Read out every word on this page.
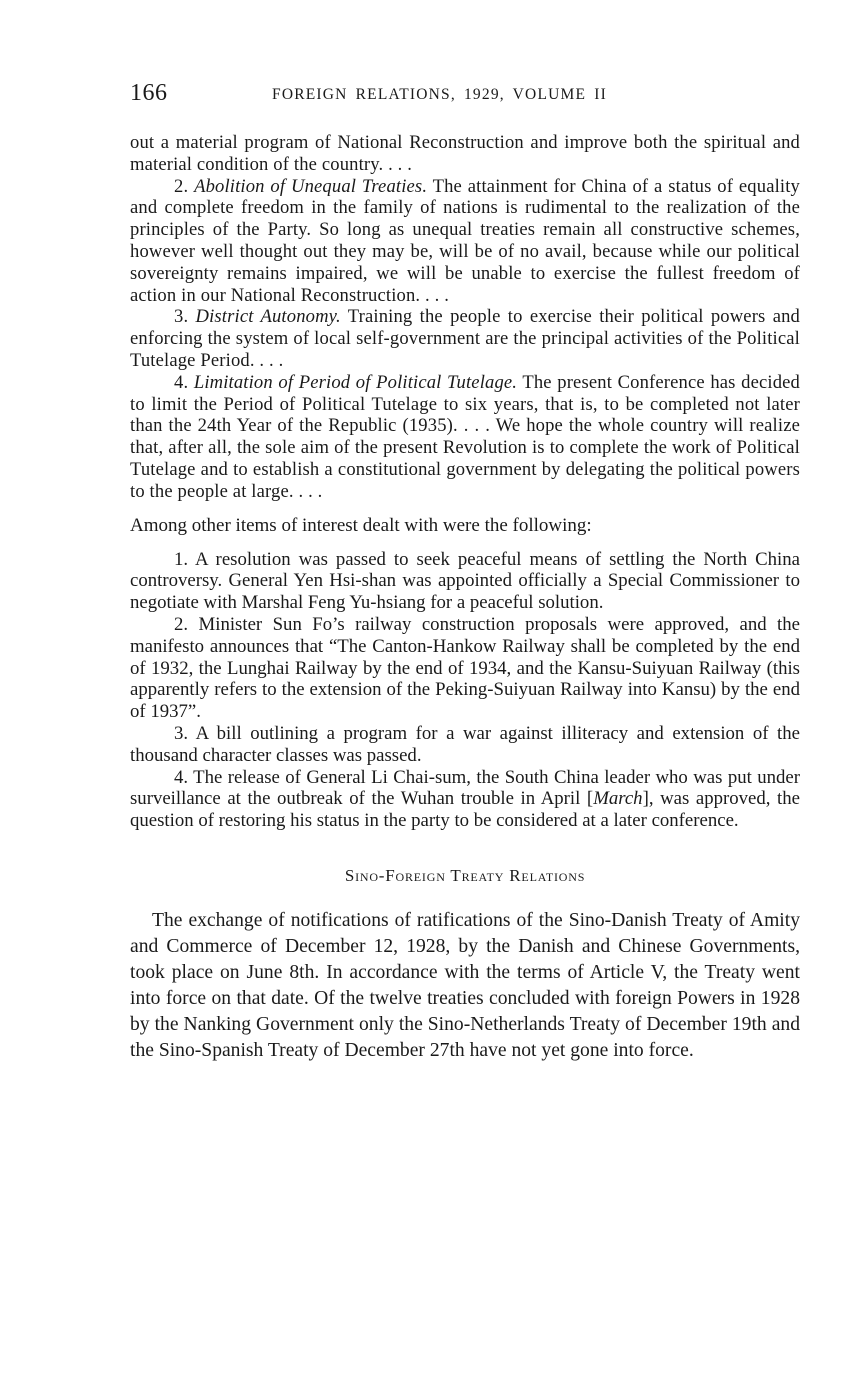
166	FOREIGN RELATIONS, 1929, VOLUME II

out a material program of National Reconstruction and improve both the spiritual and material condition of the country. . . .

2. Abolition of Unequal Treaties. The attainment for China of a status of equality and complete freedom in the family of nations is rudimental to the realization of the principles of the Party. So long as unequal treaties remain all constructive schemes, however well thought out they may be, will be of no avail, because while our political sovereignty remains impaired, we will be unable to exercise the fullest freedom of action in our National Reconstruction. . . .

3. District Autonomy. Training the people to exercise their political powers and enforcing the system of local self-government are the principal activities of the Political Tutelage Period. . . .

4. Limitation of Period of Political Tutelage. The present Conference has decided to limit the Period of Political Tutelage to six years, that is, to be completed not later than the 24th Year of the Republic (1935). . . . We hope the whole country will realize that, after all, the sole aim of the present Revolution is to complete the work of Political Tutelage and to establish a constitutional government by delegating the political powers to the people at large. . . .

Among other items of interest dealt with were the following:

1. A resolution was passed to seek peaceful means of settling the North China controversy. General Yen Hsi-shan was appointed officially a Special Commissioner to negotiate with Marshal Feng Yu-hsiang for a peaceful solution.

2. Minister Sun Fo’s railway construction proposals were approved, and the manifesto announces that “The Canton-Hankow Railway shall be completed by the end of 1932, the Lunghai Railway by the end of 1934, and the Kansu-Suiyuan Railway (this apparently refers to the extension of the Peking-Suiyuan Railway into Kansu) by the end of 1937”.

3. A bill outlining a program for a war against illiteracy and extension of the thousand character classes was passed.

4. The release of General Li Chai-sum, the South China leader who was put under surveillance at the outbreak of the Wuhan trouble in April [March], was approved, the question of restoring his status in the party to be considered at a later conference.

Sino-Foreign Treaty Relations

The exchange of notifications of ratifications of the Sino-Danish Treaty of Amity and Commerce of December 12, 1928, by the Danish and Chinese Governments, took place on June 8th. In accordance with the terms of Article V, the Treaty went into force on that date. Of the twelve treaties concluded with foreign Powers in 1928 by the Nanking Government only the Sino-Netherlands Treaty of December 19th and the Sino-Spanish Treaty of December 27th have not yet gone into force.
